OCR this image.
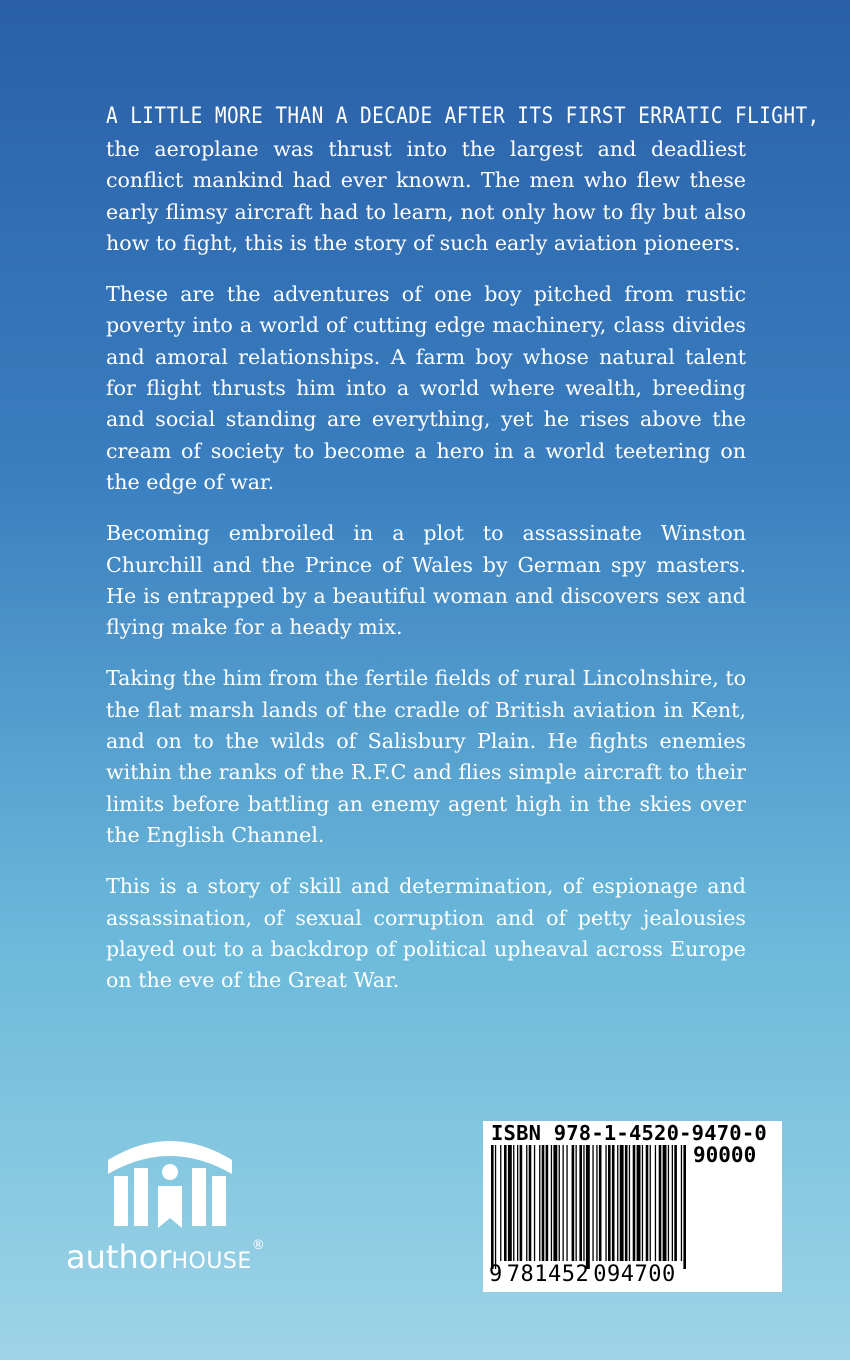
A LITTLE MORE THAN A DECADE AFTER ITS FIRST ERRATIC FLIGHT,

the aeroplane was thrust into the largest and deadliest conflict mankind had ever known. The men who flew these early flimsy aircraft had to learn, not only how to fly but also how to fight, this is the story of such early aviation pioneers.

These are the adventures of one boy pitched from rustic poverty into a world of cutting edge machinery, class divides and amoral relationships. A farm boy whose natural talent for flight thrusts him into a world where wealth, breeding and social standing are everything, yet he rises above the cream of society to become a hero in a world teetering on the edge of war.

Becoming embroiled in a plot to assassinate Winston Churchill and the Prince of Wales by German spy masters. He is entrapped by a beautiful woman and discovers sex and flying make for a heady mix.

Taking the him from the fertile fields of rural Lincolnshire, to the flat marsh lands of the cradle of British aviation in Kent, and on to the wilds of Salisbury Plain. He fights enemies within the ranks of the R.F.C and flies simple aircraft to their limits before battling an enemy agent high in the skies over the English Channel.

This is a story of skill and determination, of espionage and assassination, of sexual corruption and of petty jealousies played out to a backdrop of political upheaval across Europe on the eve of the Great War.

authorHOUSE®
ISBN 978-1-4520-9470-0
90000
9 781452 094700
